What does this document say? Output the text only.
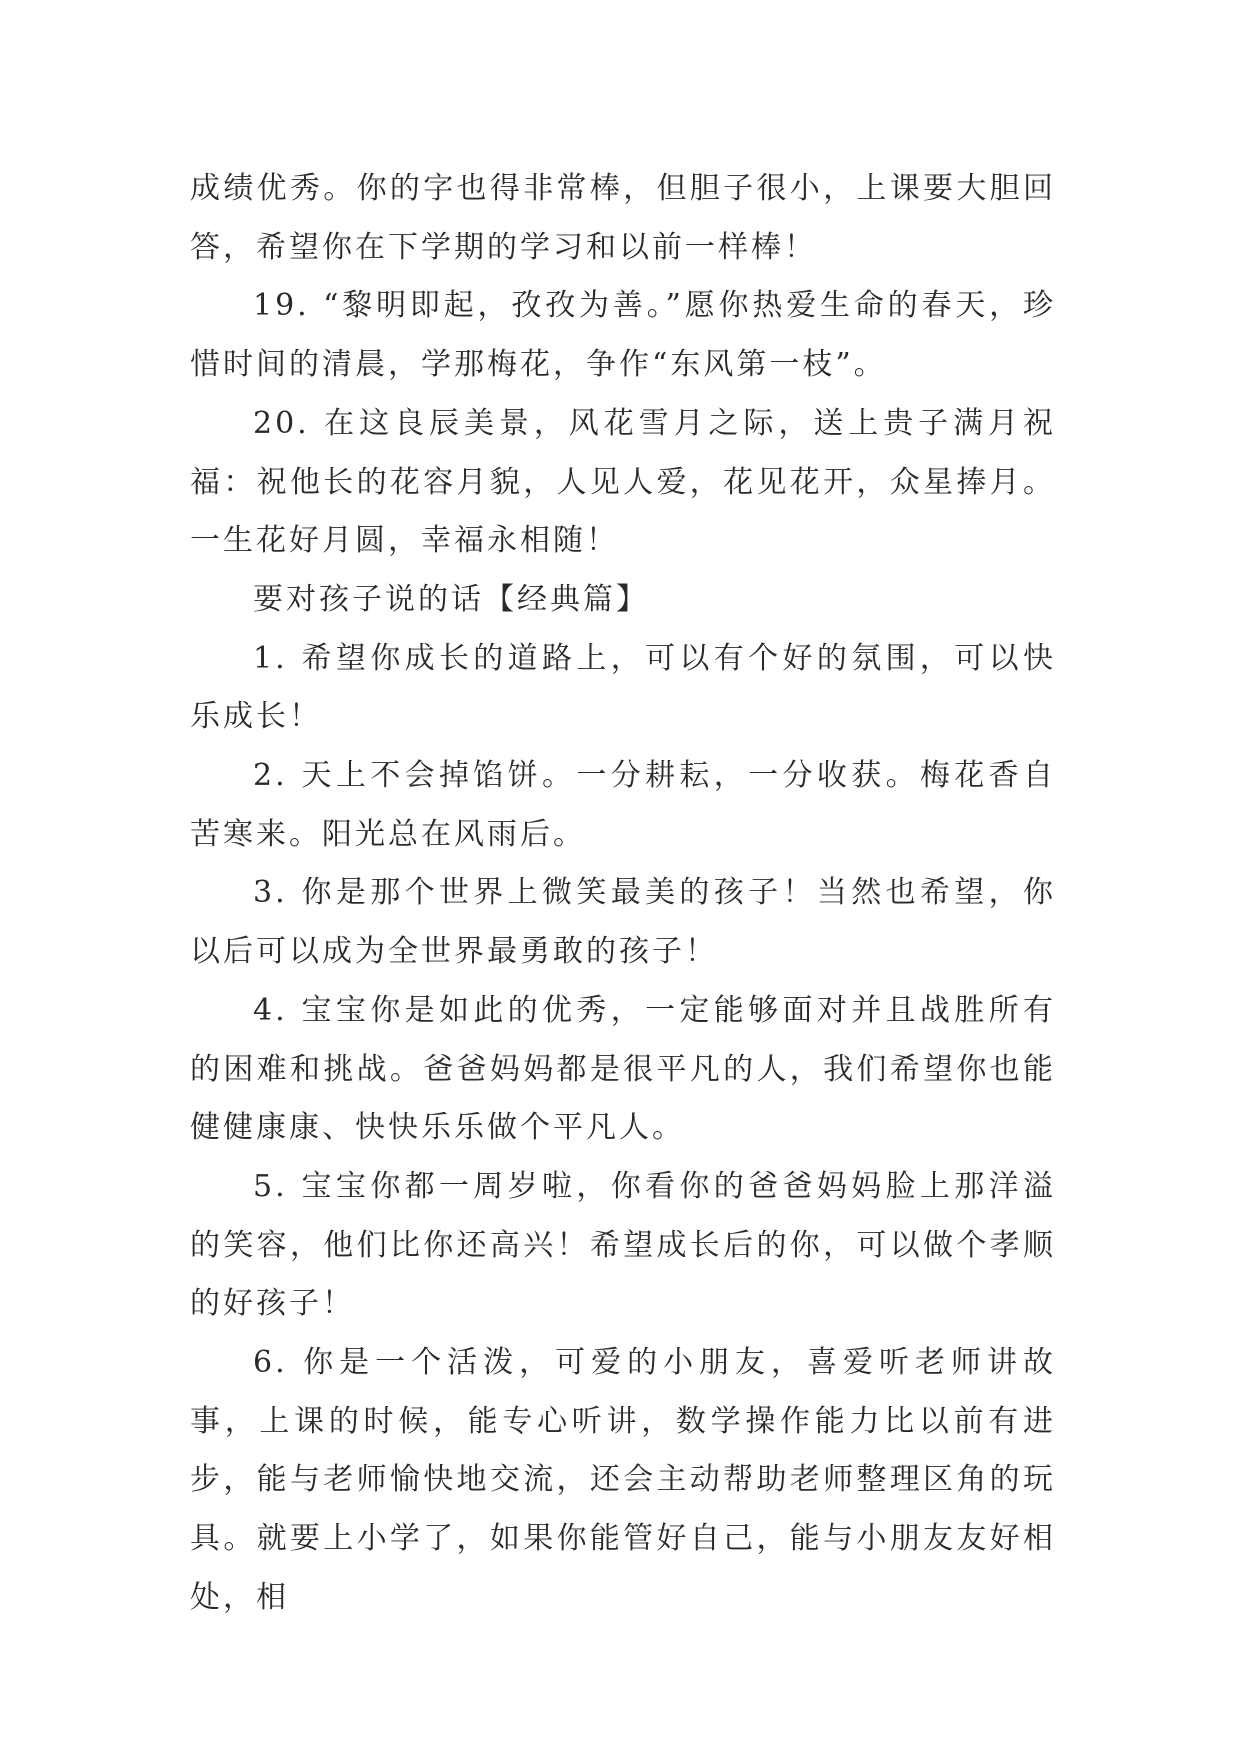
成绩优秀。你的字也得非常棒，但胆子很小，上课要大胆回答，希望你在下学期的学习和以前一样棒！

19. “黎明即起，孜孜为善。”愿你热爱生命的春天，珍惜时间的清晨，学那梅花，争作“东风第一枝”。

20. 在这良辰美景，风花雪月之际，送上贵子满月祝福：祝他长的花容月貌，人见人爱，花见花开，众星捧月。一生花好月圆，幸福永相随！

要对孩子说的话【经典篇】

1. 希望你成长的道路上，可以有个好的氛围，可以快乐成长！

2. 天上不会掉馅饼。一分耕耘，一分收获。梅花香自苦寒来。阳光总在风雨后。

3. 你是那个世界上微笑最美的孩子！当然也希望，你以后可以成为全世界最勇敢的孩子！

4. 宝宝你是如此的优秀，一定能够面对并且战胜所有的困难和挑战。爸爸妈妈都是很平凡的人，我们希望你也能健健康康、快快乐乐做个平凡人。

5. 宝宝你都一周岁啦，你看你的爸爸妈妈脸上那洋溢的笑容，他们比你还高兴！希望成长后的你，可以做个孝顺的好孩子！

6. 你是一个活泼，可爱的小朋友，喜爱听老师讲故事，上课的时候，能专心听讲，数学操作能力比以前有进步，能与老师愉快地交流，还会主动帮助老师整理区角的玩具。就要上小学了，如果你能管好自己，能与小朋友友好相处，相
